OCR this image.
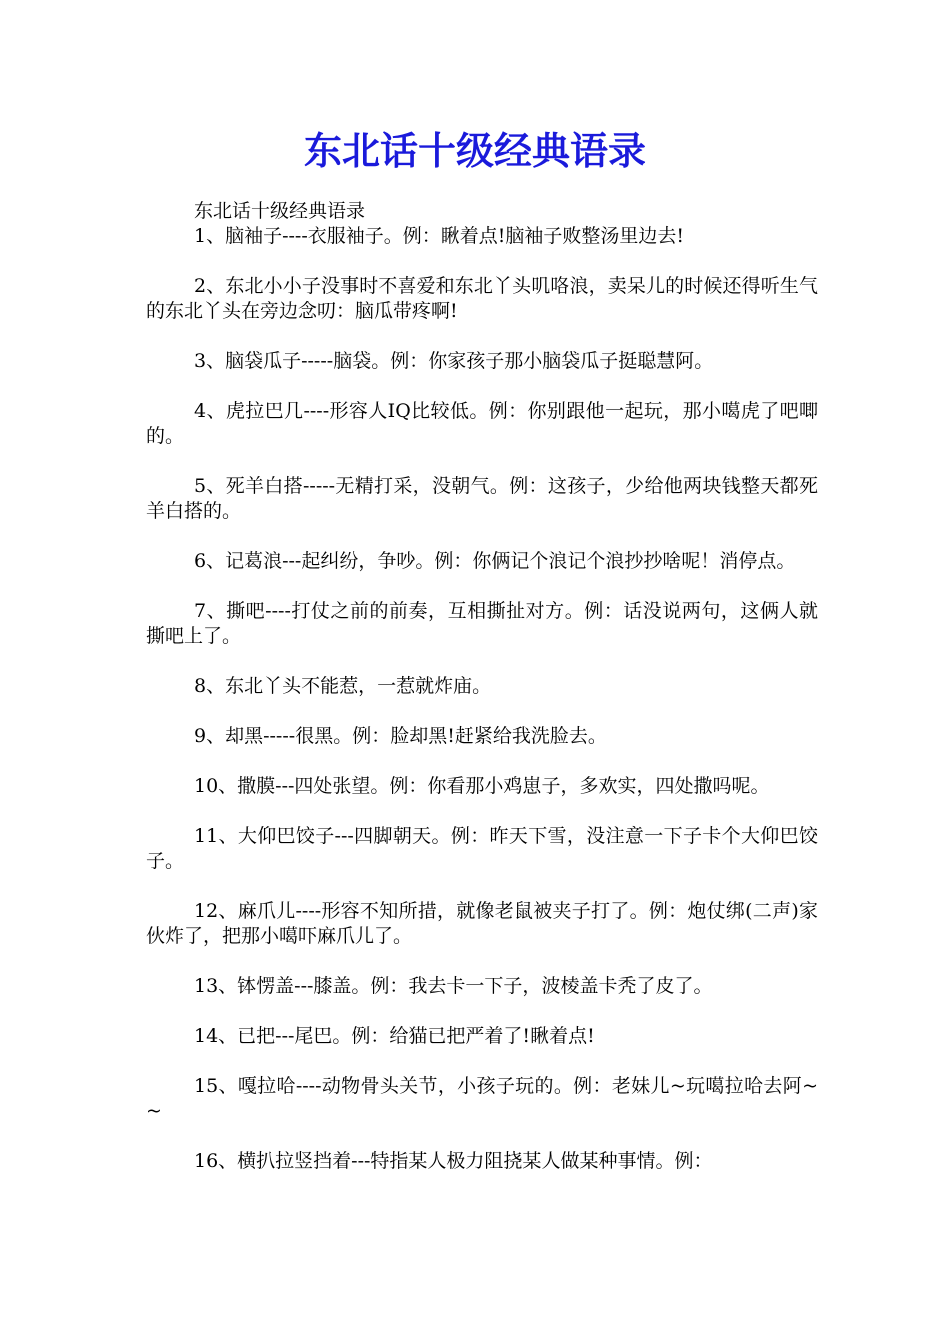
东北话十级经典语录

东北话十级经典语录

1、脑袖子----衣服袖子。例：瞅着点!脑袖子败整汤里边去!

2、东北小小子没事时不喜爱和东北丫头叽咯浪，卖呆儿的时候还得听生气的东北丫头在旁边念叨：脑瓜带疼啊!

3、脑袋瓜子-----脑袋。例：你家孩子那小脑袋瓜子挺聪慧阿。

4、虎拉巴几----形容人IQ比较低。例：你别跟他一起玩，那小噶虎了吧唧的。

5、死羊白搭-----无精打采，没朝气。例：这孩子，少给他两块钱整天都死羊白搭的。

6、记葛浪---起纠纷，争吵。例：你俩记个浪记个浪抄抄啥呢！消停点。

7、撕吧----打仗之前的前奏，互相撕扯对方。例：话没说两句，这俩人就撕吧上了。

8、东北丫头不能惹，一惹就炸庙。

9、却黑-----很黑。例：脸却黑!赶紧给我洗脸去。

10、撒膜---四处张望。例：你看那小鸡崽子，多欢实，四处撒吗呢。

11、大仰巴饺子---四脚朝天。例：昨天下雪，没注意一下子卡个大仰巴饺子。

12、麻爪儿----形容不知所措，就像老鼠被夹子打了。例：炮仗绑(二声)家伙炸了，把那小噶吓麻爪儿了。

13、钵愣盖---膝盖。例：我去卡一下子，波棱盖卡秃了皮了。

14、已把---尾巴。例：给猫已把严着了!瞅着点!

15、嘎拉哈----动物骨头关节，小孩子玩的。例：老妹儿~玩噶拉哈去阿~~

16、横扒拉竖挡着---特指某人极力阻挠某人做某种事情。例：
